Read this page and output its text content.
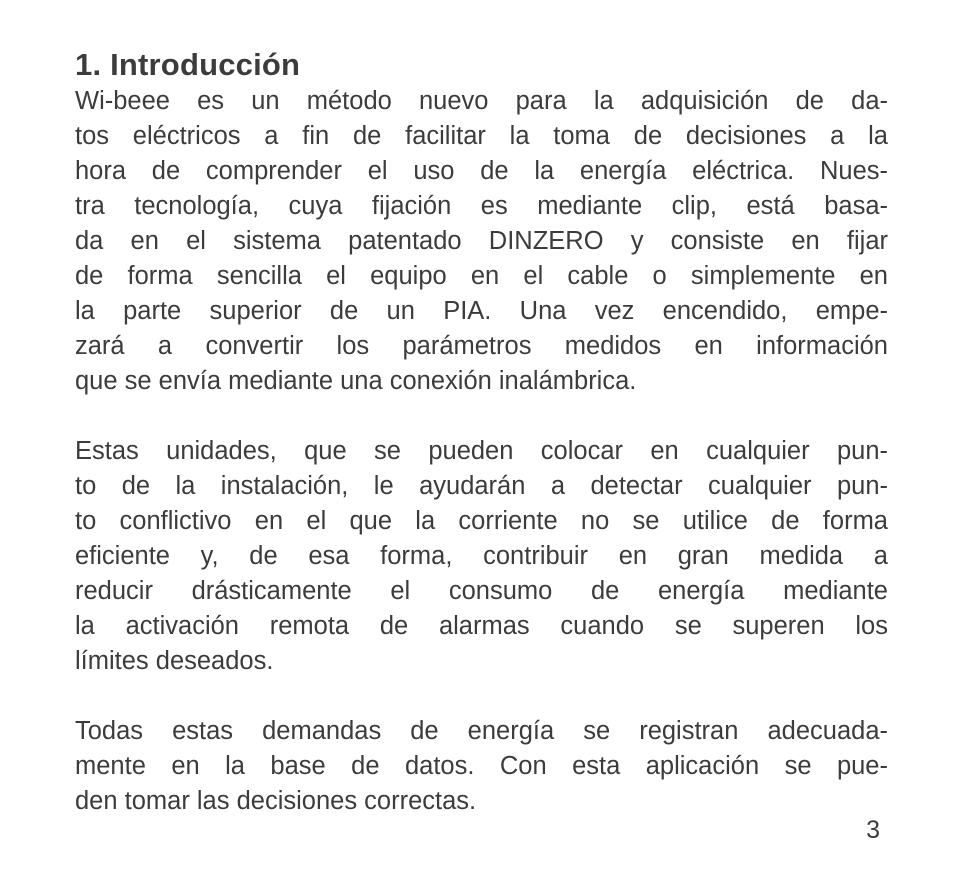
1. Introducción

Wi-beee es un método nuevo para la adquisición de da-
tos eléctricos a fin de facilitar la toma de decisiones a la
hora de comprender el uso de la energía eléctrica. Nues-
tra tecnología, cuya fijación es mediante clip, está basa-
da en el sistema patentado DINZERO y consiste en fijar
de forma sencilla el equipo en el cable o simplemente en
la parte superior de un PIA. Una vez encendido, empe-
zará a convertir los parámetros medidos en información
que se envía mediante una conexión inalámbrica.

Estas unidades, que se pueden colocar en cualquier pun-
to de la instalación, le ayudarán a detectar cualquier pun-
to conflictivo en el que la corriente no se utilice de forma
eficiente y, de esa forma, contribuir en gran medida a
reducir drásticamente el consumo de energía mediante
la activación remota de alarmas cuando se superen los
límites deseados.

Todas estas demandas de energía se registran adecuada-
mente en la base de datos. Con esta aplicación se pue-
den tomar las decisiones correctas.

3
